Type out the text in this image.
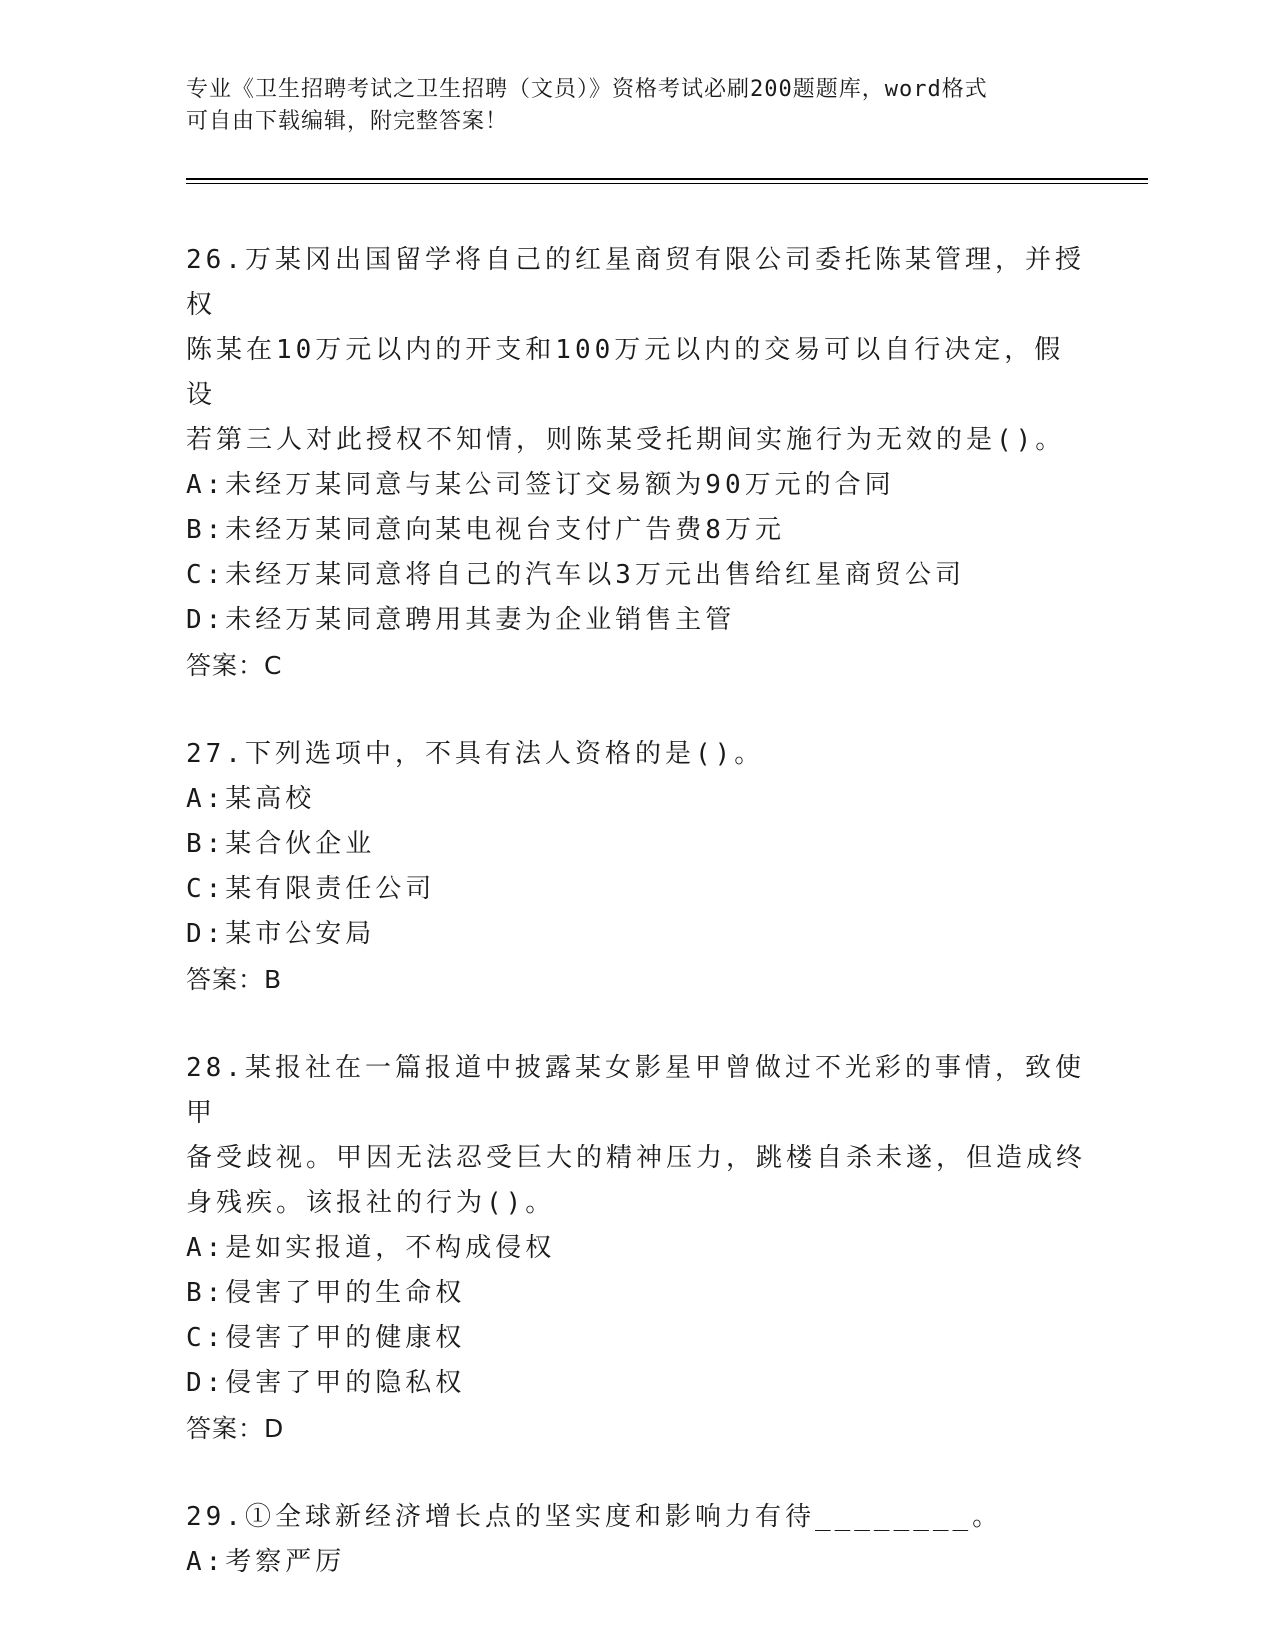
专业《卫生招聘考试之卫生招聘（文员）》资格考试必刷200题题库，word格式
可自由下载编辑，附完整答案！

26.万某冈出国留学将自己的红星商贸有限公司委托陈某管理，并授权

陈某在10万元以内的开支和100万元以内的交易可以自行决定，假设

若第三人对此授权不知情，则陈某受托期间实施行为无效的是()。

A:未经万某同意与某公司签订交易额为90万元的合同

B:未经万某同意向某电视台支付广告费8万元

C:未经万某同意将自己的汽车以3万元出售给红星商贸公司

D:未经万某同意聘用其妻为企业销售主管

答案：C

27.下列选项中，不具有法人资格的是()。

A:某高校

B:某合伙企业

C:某有限责任公司

D:某市公安局

答案：B

28.某报社在一篇报道中披露某女影星甲曾做过不光彩的事情，致使甲

备受歧视。甲因无法忍受巨大的精神压力，跳楼自杀未遂，但造成终

身残疾。该报社的行为()。

A:是如实报道，不构成侵权

B:侵害了甲的生命权

C:侵害了甲的健康权

D:侵害了甲的隐私权

答案：D

29.①全球新经济增长点的坚实度和影响力有待________。

A:考察严厉
